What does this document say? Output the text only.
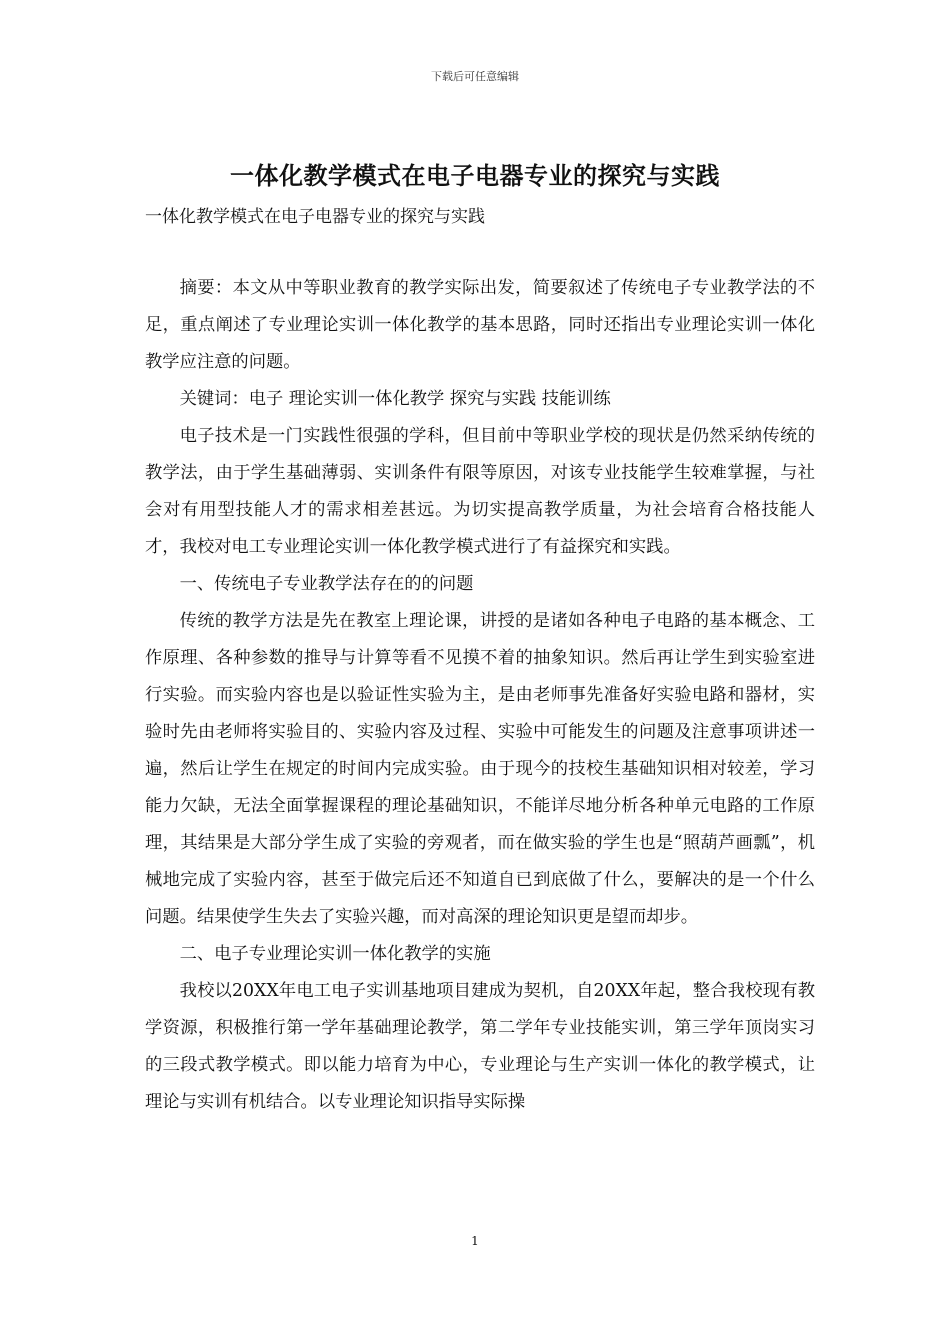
下载后可任意编辑
一体化教学模式在电子电器专业的探究与实践
一体化教学模式在电子电器专业的探究与实践

摘要：本文从中等职业教育的教学实际出发，简要叙述了传统电子专业教学法的不足，重点阐述了专业理论实训一体化教学的基本思路，同时还指出专业理论实训一体化教学应注意的问题。

关键词：电子 理论实训一体化教学 探究与实践 技能训练

电子技术是一门实践性很强的学科，但目前中等职业学校的现状是仍然采纳传统的教学法，由于学生基础薄弱、实训条件有限等原因，对该专业技能学生较难掌握，与社会对有用型技能人才的需求相差甚远。为切实提高教学质量，为社会培育合格技能人才，我校对电工专业理论实训一体化教学模式进行了有益探究和实践。

一、传统电子专业教学法存在的的问题

传统的教学方法是先在教室上理论课，讲授的是诸如各种电子电路的基本概念、工作原理、各种参数的推导与计算等看不见摸不着的抽象知识。然后再让学生到实验室进行实验。而实验内容也是以验证性实验为主，是由老师事先准备好实验电路和器材，实验时先由老师将实验目的、实验内容及过程、实验中可能发生的问题及注意事项讲述一遍，然后让学生在规定的时间内完成实验。由于现今的技校生基础知识相对较差，学习能力欠缺，无法全面掌握课程的理论基础知识，不能详尽地分析各种单元电路的工作原理，其结果是大部分学生成了实验的旁观者，而在做实验的学生也是“照葫芦画瓢”，机械地完成了实验内容，甚至于做完后还不知道自已到底做了什么，要解决的是一个什么问题。结果使学生失去了实验兴趣，而对高深的理论知识更是望而却步。

二、电子专业理论实训一体化教学的实施

我校以20XX年电工电子实训基地项目建成为契机，自20XX年起，整合我校现有教学资源，积极推行第一学年基础理论教学，第二学年专业技能实训，第三学年顶岗实习的三段式教学模式。即以能力培育为中心，专业理论与生产实训一体化的教学模式，让理论与实训有机结合。以专业理论知识指导实际操

1
